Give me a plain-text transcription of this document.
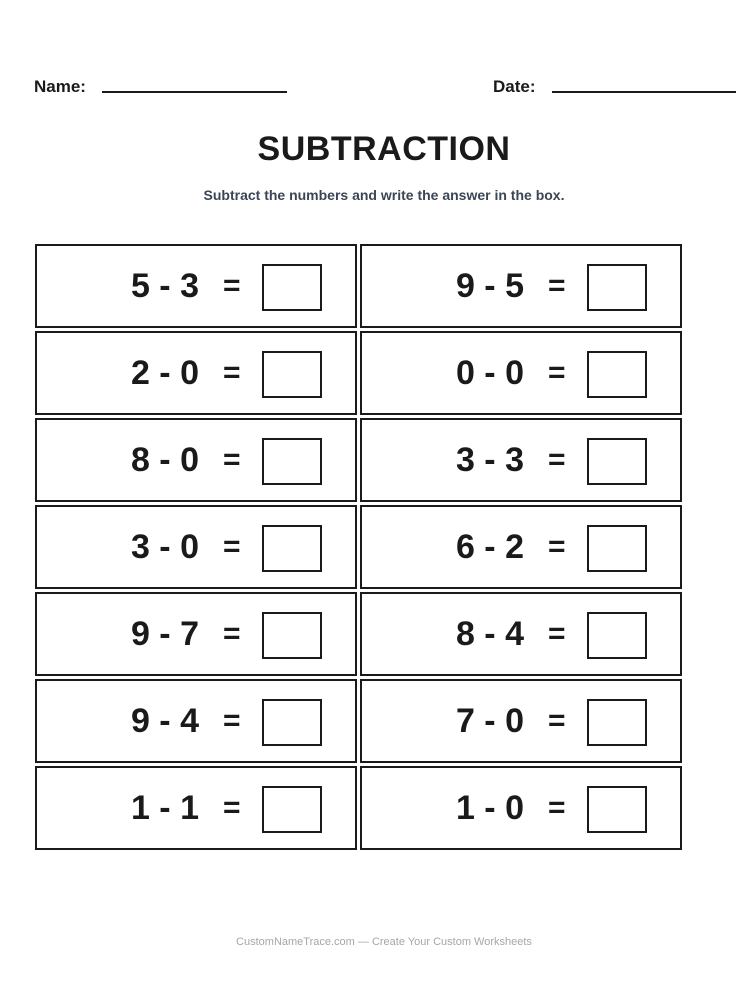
Name:	Date:
SUBTRACTION
Subtract the numbers and write the answer in the box.
5 - 3 =	9 - 5 =
2 - 0 =	0 - 0 =
8 - 0 =	3 - 3 =
3 - 0 =	6 - 2 =
9 - 7 =	8 - 4 =
9 - 4 =	7 - 0 =
1 - 1 =	1 - 0 =
CustomNameTrace.com — Create Your Custom Worksheets
